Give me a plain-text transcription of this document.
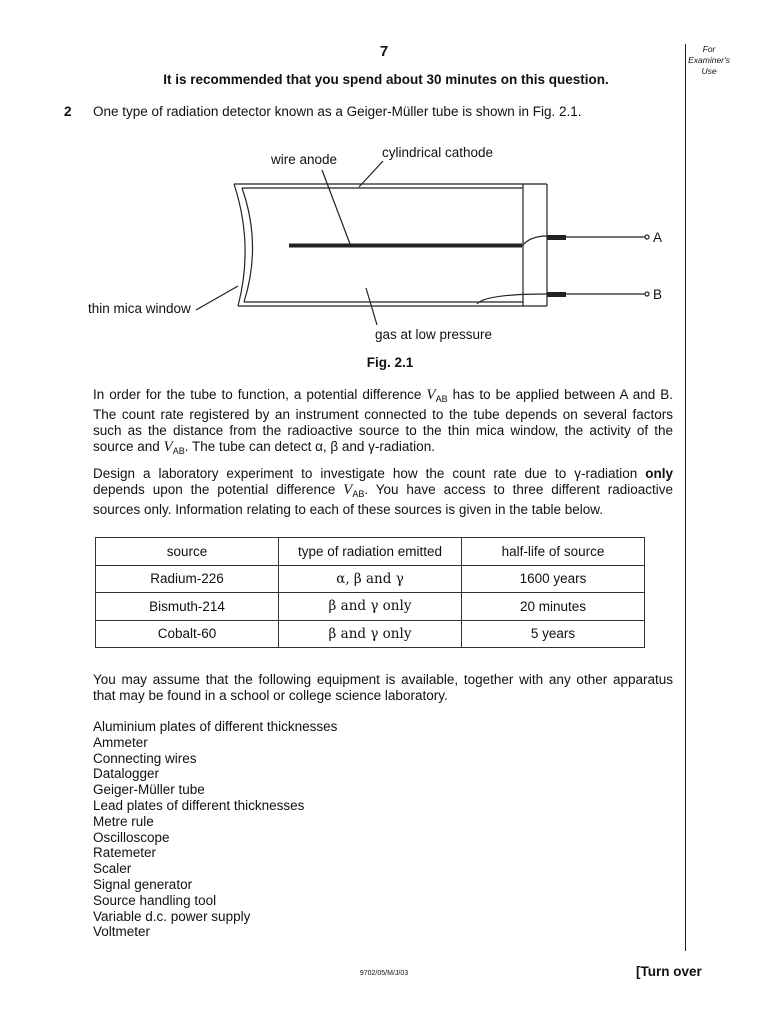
7	For
Examiner's
Use
It is recommended that you spend about 30 minutes on this question.
2 One type of radiation detector known as a Geiger-Müller tube is shown in Fig. 2.1.
wire anode	cylindrical cathode
A
B
thin mica window
gas at low pressure
Fig. 2.1
In order for the tube to function, a potential difference $V_{AB}$ has to be applied between A and B. The count rate registered by an instrument connected to the tube depends on several factors such as the distance from the radioactive source to the thin mica window, the activity of the source and $V_{AB}$. The tube can detect α, β and γ-radiation.
Design a laboratory experiment to investigate how the count rate due to γ-radiation only depends upon the potential difference $V_{AB}$. You have access to three different radioactive sources only. Information relating to each of these sources is given in the table below.
source	type of radiation emitted	half-life of source
Radium-226	α, β and γ	1600 years
Bismuth-214	β and γ only	20 minutes
Cobalt-60	β and γ only	5 years
You may assume that the following equipment is available, together with any other apparatus that may be found in a school or college science laboratory.
Aluminium plates of different thicknesses
Ammeter
Connecting wires
Datalogger
Geiger-Müller tube
Lead plates of different thicknesses
Metre rule
Oscilloscope
Ratemeter
Scaler
Signal generator
Source handling tool
Variable d.c. power supply
Voltmeter
9702/05/M/J/03	[Turn over
